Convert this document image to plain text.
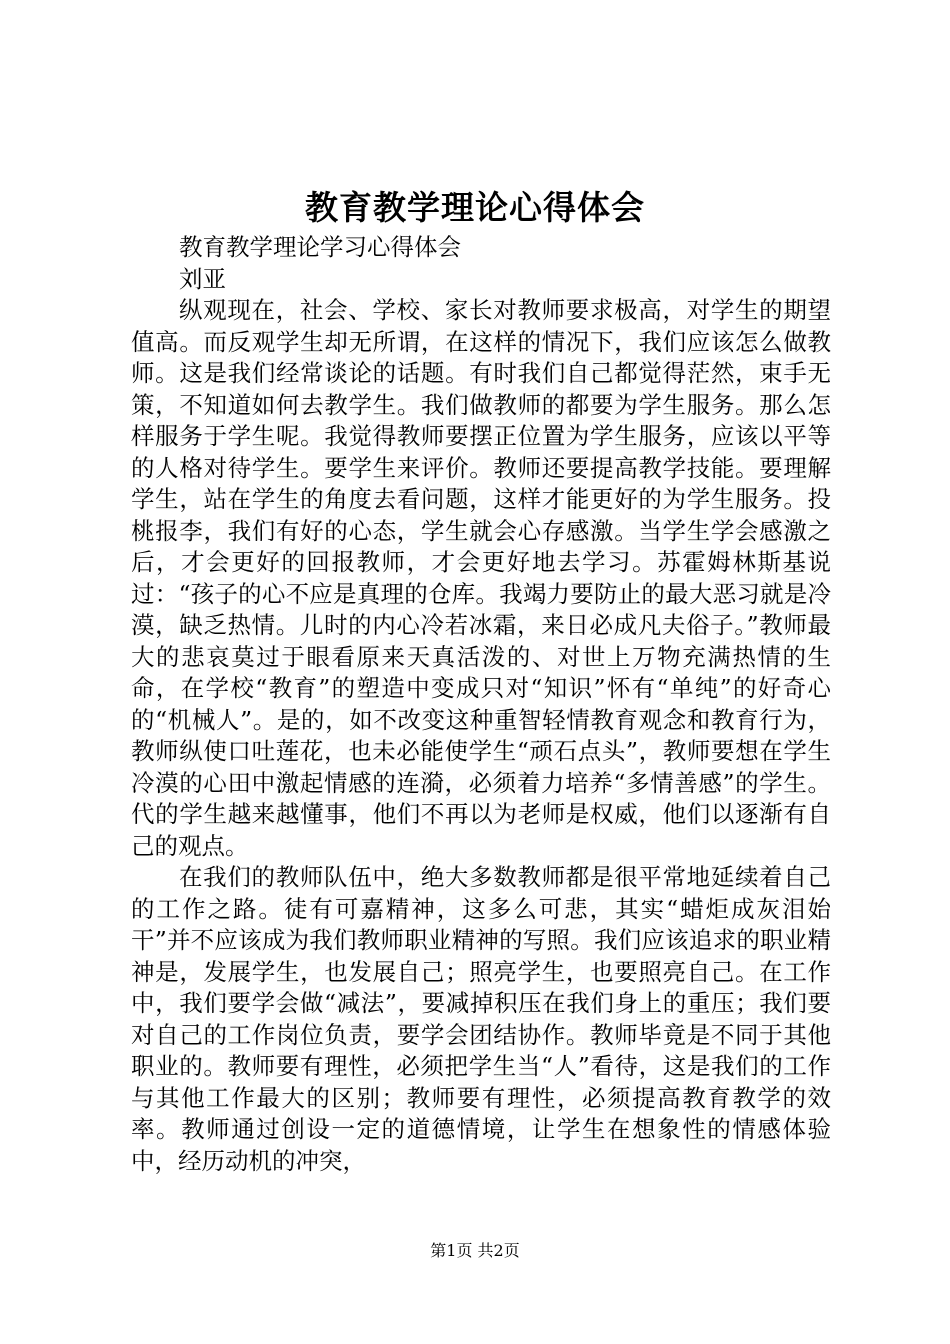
教育教学理论心得体会

教育教学理论学习心得体会

刘亚

纵观现在，社会、学校、家长对教师要求极高，对学生的期望值高。而反观学生却无所谓，在这样的情况下，我们应该怎么做教师。这是我们经常谈论的话题。有时我们自己都觉得茫然，束手无策，不知道如何去教学生。我们做教师的都要为学生服务。那么怎样服务于学生呢。我觉得教师要摆正位置为学生服务，应该以平等的人格对待学生。要学生来评价。教师还要提高教学技能。要理解学生，站在学生的角度去看问题，这样才能更好的为学生服务。投桃报李，我们有好的心态，学生就会心存感激。当学生学会感激之后，才会更好的回报教师，才会更好地去学习。苏霍姆林斯基说过：“孩子的心不应是真理的仓库。我竭力要防止的最大恶习就是冷漠，缺乏热情。儿时的内心冷若冰霜，来日必成凡夫俗子。”教师最大的悲哀莫过于眼看原来天真活泼的、对世上万物充满热情的生命，在学校“教育”的塑造中变成只对“知识”怀有“单纯”的好奇心的“机械人”。是的，如不改变这种重智轻情教育观念和教育行为，教师纵使口吐莲花，也未必能使学生“顽石点头”，教师要想在学生冷漠的心田中激起情感的连漪，必须着力培养“多情善感”的学生。代的学生越来越懂事，他们不再以为老师是权威，他们以逐渐有自己的观点。

在我们的教师队伍中，绝大多数教师都是很平常地延续着自己的工作之路。徒有可嘉精神，这多么可悲，其实“蜡炬成灰泪始干”并不应该成为我们教师职业精神的写照。我们应该追求的职业精神是，发展学生，也发展自己；照亮学生，也要照亮自己。在工作中，我们要学会做“减法”，要减掉积压在我们身上的重压；我们要对自己的工作岗位负责，要学会团结协作。教师毕竟是不同于其他职业的。教师要有理性，必须把学生当“人”看待，这是我们的工作与其他工作最大的区别；教师要有理性，必须提高教育教学的效率。教师通过创设一定的道德情境，让学生在想象性的情感体验中，经历动机的冲突，

第1页 共2页
